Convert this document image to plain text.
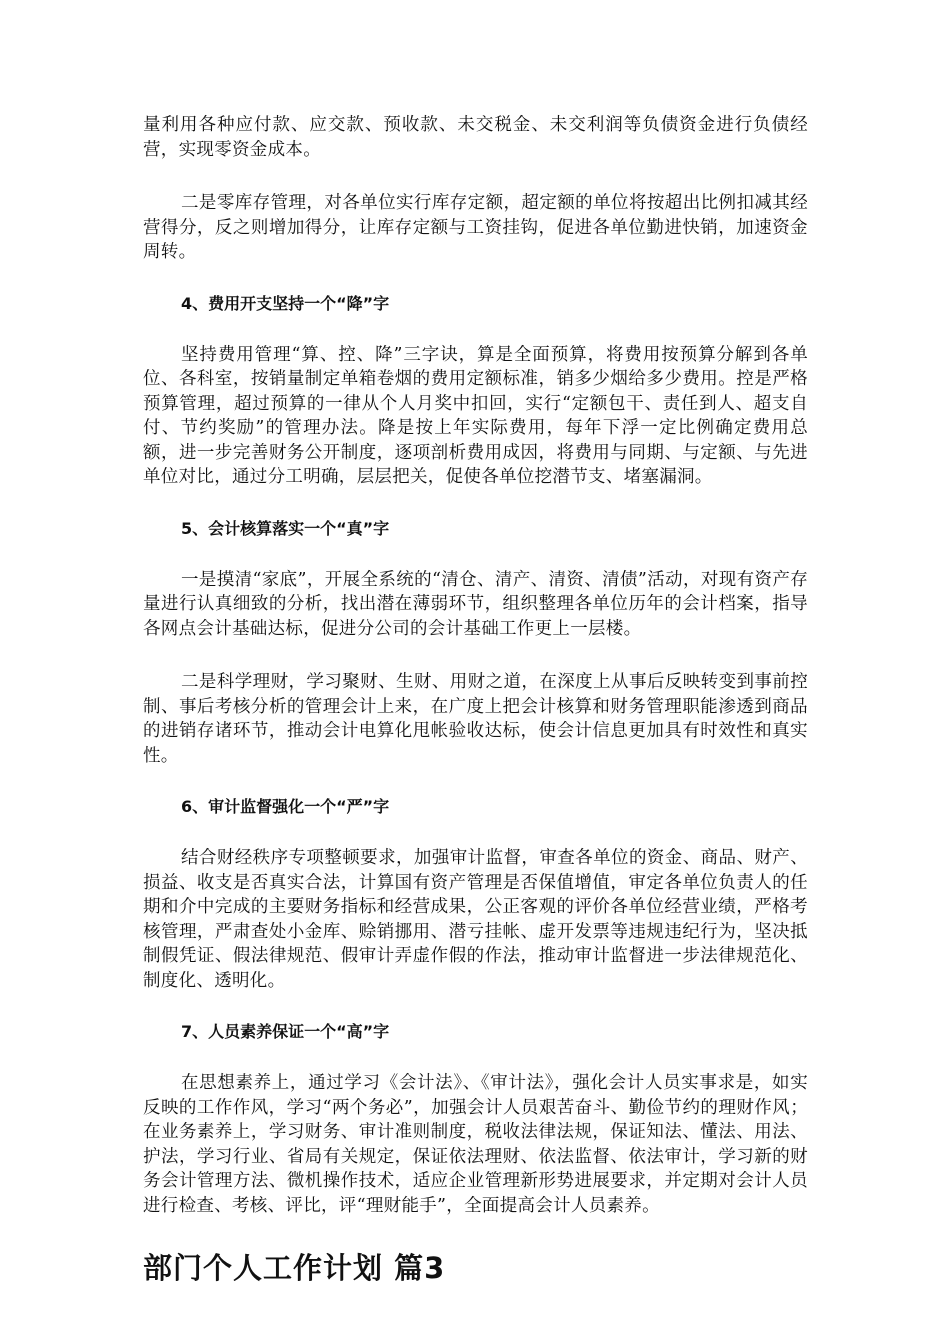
量利用各种应付款、应交款、预收款、未交税金、未交利润等负债资金进行负债经营，实现零资金成本。

二是零库存管理，对各单位实行库存定额，超定额的单位将按超出比例扣减其经营得分，反之则增加得分，让库存定额与工资挂钩，促进各单位勤进快销，加速资金周转。

4、费用开支坚持一个“降”字

坚持费用管理“算、控、降”三字诀，算是全面预算，将费用按预算分解到各单位、各科室，按销量制定单箱卷烟的费用定额标准，销多少烟给多少费用。控是严格预算管理，超过预算的一律从个人月奖中扣回，实行“定额包干、责任到人、超支自付、节约奖励”的管理办法。降是按上年实际费用，每年下浮一定比例确定费用总额，进一步完善财务公开制度，逐项剖析费用成因，将费用与同期、与定额、与先进单位对比，通过分工明确，层层把关，促使各单位挖潜节支、堵塞漏洞。

5、会计核算落实一个“真”字

一是摸清“家底”，开展全系统的“清仓、清产、清资、清债”活动，对现有资产存量进行认真细致的分析，找出潜在薄弱环节，组织整理各单位历年的会计档案，指导各网点会计基础达标，促进分公司的会计基础工作更上一层楼。

二是科学理财，学习聚财、生财、用财之道，在深度上从事后反映转变到事前控制、事后考核分析的管理会计上来，在广度上把会计核算和财务管理职能渗透到商品的进销存诸环节，推动会计电算化甩帐验收达标，使会计信息更加具有时效性和真实性。

6、审计监督强化一个“严”字

结合财经秩序专项整顿要求，加强审计监督，审查各单位的资金、商品、财产、损益、收支是否真实合法，计算国有资产管理是否保值增值，审定各单位负责人的任期和介中完成的主要财务指标和经营成果，公正客观的评价各单位经营业绩，严格考核管理，严肃查处小金库、赊销挪用、潜亏挂帐、虚开发票等违规违纪行为，坚决抵制假凭证、假法律规范、假审计弄虚作假的作法，推动审计监督进一步法律规范化、制度化、透明化。

7、人员素养保证一个“高”字

在思想素养上，通过学习《会计法》、《审计法》，强化会计人员实事求是，如实反映的工作作风，学习“两个务必”，加强会计人员艰苦奋斗、勤俭节约的理财作风；在业务素养上，学习财务、审计准则制度，税收法律法规，保证知法、懂法、用法、护法，学习行业、省局有关规定，保证依法理财、依法监督、依法审计，学习新的财务会计管理方法、微机操作技术，适应企业管理新形势进展要求，并定期对会计人员进行检查、考核、评比，评“理财能手”，全面提高会计人员素养。

部门个人工作计划 篇3
